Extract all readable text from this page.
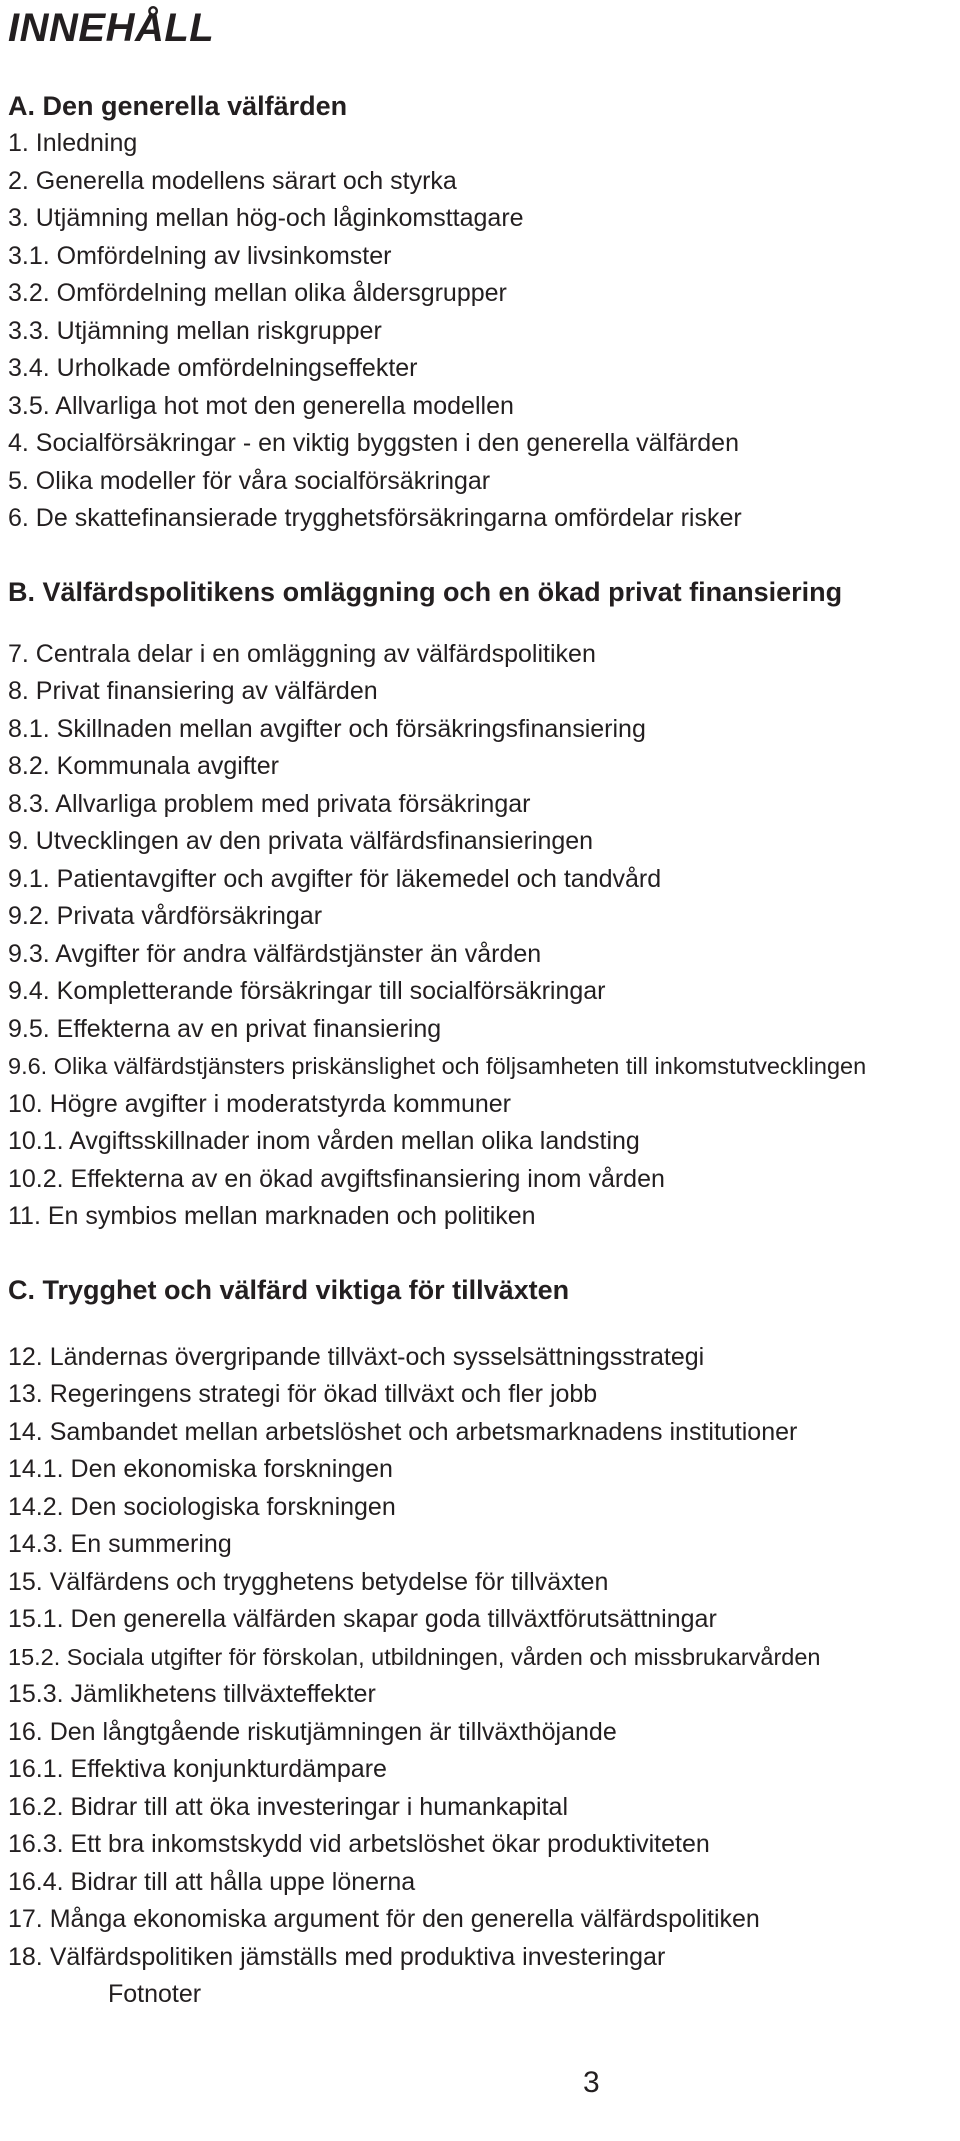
INNEHÅLL
A. Den generella välfärden
1. Inledning
2. Generella modellens särart och styrka
3. Utjämning mellan hög-och låginkomsttagare
3.1. Omfördelning av livsinkomster
3.2. Omfördelning mellan olika åldersgrupper
3.3. Utjämning mellan riskgrupper
3.4. Urholkade omfördelningseffekter
3.5. Allvarliga hot mot den generella modellen
4. Socialförsäkringar - en viktig byggsten i den generella välfärden
5. Olika modeller för våra socialförsäkringar
6. De skattefinansierade trygghetsförsäkringarna omfördelar risker
B. Välfärdspolitikens omläggning och en ökad privat finansiering
7. Centrala delar i en omläggning av välfärdspolitiken
8. Privat finansiering av välfärden
8.1. Skillnaden mellan avgifter och försäkringsfinansiering
8.2. Kommunala avgifter
8.3. Allvarliga problem med privata försäkringar
9. Utvecklingen av den privata välfärdsfinansieringen
9.1. Patientavgifter och avgifter för läkemedel och tandvård
9.2. Privata vårdförsäkringar
9.3. Avgifter för andra välfärdstjänster än vården
9.4. Kompletterande försäkringar till socialförsäkringar
9.5. Effekterna av en privat finansiering
9.6. Olika välfärdstjänsters priskänslighet och följsamheten till inkomstutvecklingen
10. Högre avgifter i moderatstyrda kommuner
10.1. Avgiftsskillnader inom vården mellan olika landsting
10.2. Effekterna av en ökad avgiftsfinansiering inom vården
11. En symbios mellan marknaden och politiken
C. Trygghet och välfärd viktiga för tillväxten
12. Ländernas övergripande tillväxt-och sysselsättningsstrategi
13. Regeringens strategi för ökad tillväxt och fler jobb
14. Sambandet mellan arbetslöshet och arbetsmarknadens institutioner
14.1. Den ekonomiska forskningen
14.2. Den sociologiska forskningen
14.3. En summering
15. Välfärdens och trygghetens betydelse för tillväxten
15.1. Den generella välfärden skapar goda tillväxtförutsättningar
15.2. Sociala utgifter för förskolan, utbildningen, vården och missbrukarvården
15.3. Jämlikhetens tillväxteffekter
16. Den långtgående riskutjämningen är tillväxthöjande
16.1. Effektiva konjunkturdämpare
16.2. Bidrar till att öka investeringar i humankapital
16.3. Ett bra inkomstskydd vid arbetslöshet ökar produktiviteten
16.4. Bidrar till att hålla uppe lönerna
17. Många ekonomiska argument för den generella välfärdspolitiken
18. Välfärdspolitiken jämställs med produktiva investeringar
Fotnoter
3
